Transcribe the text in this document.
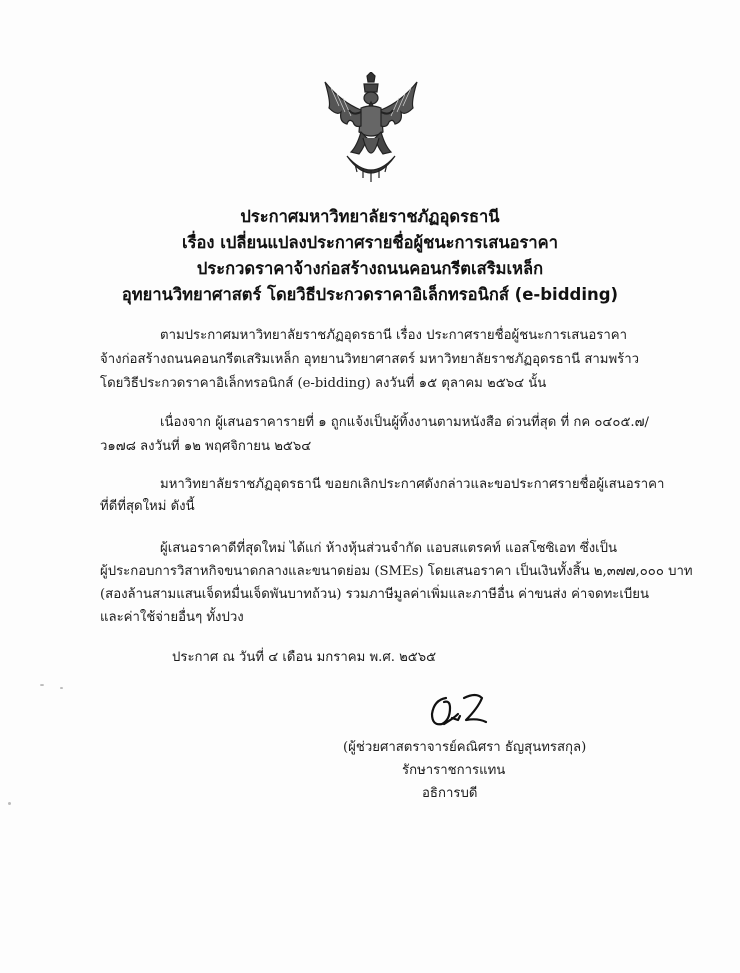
ประกาศมหาวิทยาลัยราชภัฏอุดรธานี
เรื่อง เปลี่ยนแปลงประกาศรายชื่อผู้ชนะการเสนอราคา
ประกวดราคาจ้างก่อสร้างถนนคอนกรีตเสริมเหล็ก
อุทยานวิทยาศาสตร์ โดยวิธีประกวดราคาอิเล็กทรอนิกส์ (e-bidding)
ตามประกาศมหาวิทยาลัยราชภัฏอุดรธานี เรื่อง ประกาศรายชื่อผู้ชนะการเสนอราคา
จ้างก่อสร้างถนนคอนกรีตเสริมเหล็ก อุทยานวิทยาศาสตร์ มหาวิทยาลัยราชภัฏอุดรธานี สามพร้าว
โดยวิธีประกวดราคาอิเล็กทรอนิกส์ (e-bidding) ลงวันที่ ๑๕ ตุลาคม ๒๕๖๔ นั้น
เนื่องจาก ผู้เสนอราคารายที่ ๑ ถูกแจ้งเป็นผู้ทิ้งงานตามหนังสือ ด่วนที่สุด ที่ กค ๐๔๐๕.๗/
ว๑๗๘ ลงวันที่ ๑๒ พฤศจิกายน ๒๕๖๔
มหาวิทยาลัยราชภัฏอุดรธานี ขอยกเลิกประกาศดังกล่าวและขอประกาศรายชื่อผู้เสนอราคา
ที่ดีที่สุดใหม่ ดังนี้
ผู้เสนอราคาดีที่สุดใหม่ ได้แก่ ห้างหุ้นส่วนจำกัด แอบสแตรคท์ แอสโซซิเอท ซึ่งเป็น
ผู้ประกอบการวิสาหกิจขนาดกลางและขนาดย่อม (SMEs) โดยเสนอราคา เป็นเงินทั้งสิ้น ๒,๓๗๗,๐๐๐ บาท
(สองล้านสามแสนเจ็ดหมื่นเจ็ดพันบาทถ้วน) รวมภาษีมูลค่าเพิ่มและภาษีอื่น ค่าขนส่ง ค่าจดทะเบียน
และค่าใช้จ่ายอื่นๆ ทั้งปวง
ประกาศ ณ วันที่ ๔ เดือน มกราคม พ.ศ. ๒๕๖๕
(ผู้ช่วยศาสตราจารย์คณิศรา ธัญสุนทรสกุล)
รักษาราชการแทน
อธิการบดี
